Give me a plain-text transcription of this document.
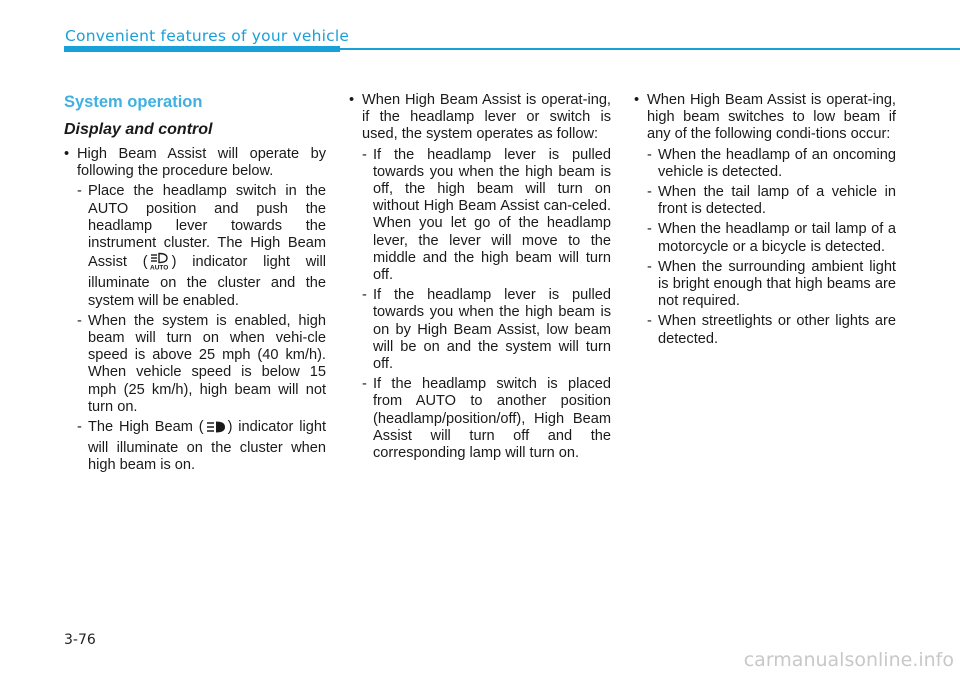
Convenient features of your vehicle
System operation
Display and control
• High Beam Assist will operate by following the procedure below.
- Place the headlamp switch in the AUTO position and push the headlamp lever towards the instrument cluster. The High Beam Assist ( AUTO ) indicator light will illuminate on the cluster and the system will be enabled.
- When the system is enabled, high beam will turn on when vehi-cle speed is above 25 mph (40 km/h). When vehicle speed is below 15 mph (25 km/h), high beam will not turn on.
- The High Beam ( ) indicator light will illuminate on the cluster when high beam is on.
• When High Beam Assist is operat-ing, if the headlamp lever or switch is used, the system operates as follow:
- If the headlamp lever is pulled towards you when the high beam is off, the high beam will turn on without High Beam Assist can-celed. When you let go of the headlamp lever, the lever will move to the middle and the high beam will turn off.
- If the headlamp lever is pulled towards you when the high beam is on by High Beam Assist, low beam will be on and the system will turn off.
- If the headlamp switch is placed from AUTO to another position (headlamp/position/off), High Beam Assist will turn off and the corresponding lamp will turn on.
• When High Beam Assist is operat-ing, high beam switches to low beam if any of the following condi-tions occur:
- When the headlamp of an oncoming vehicle is detected.
- When the tail lamp of a vehicle in front is detected.
- When the headlamp or tail lamp of a motorcycle or a bicycle is detected.
- When the surrounding ambient light is bright enough that high beams are not required.
- When streetlights or other lights are detected.
3-76
carmanualsonline.info
